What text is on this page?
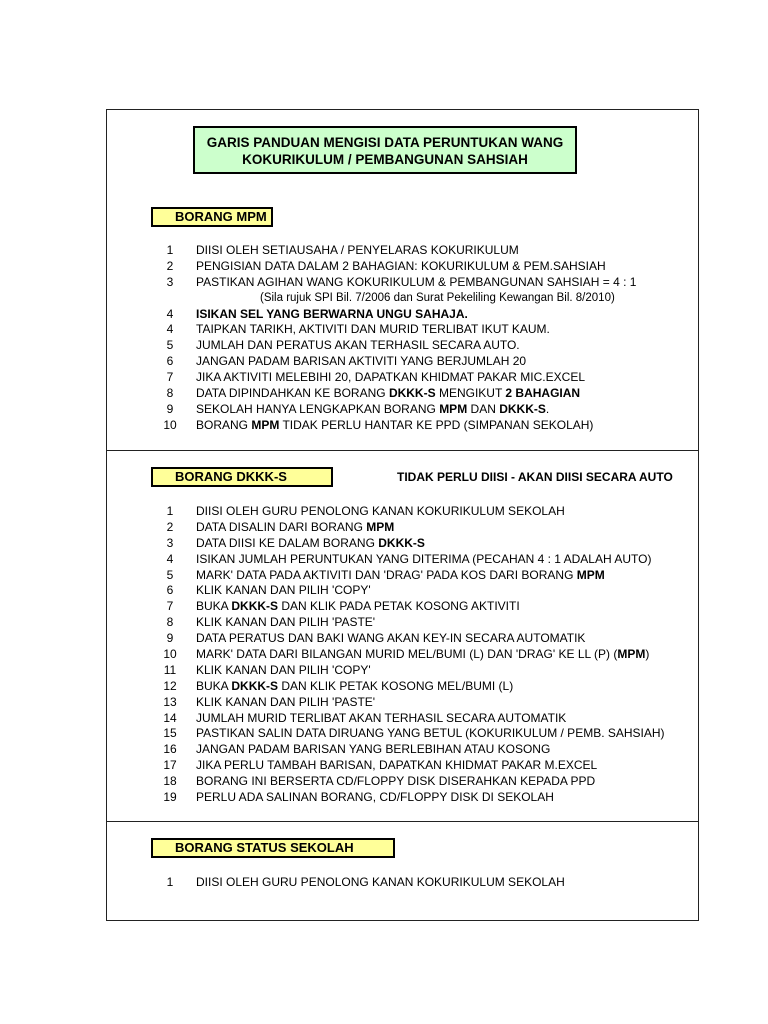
GARIS PANDUAN MENGISI DATA PERUNTUKAN WANG
KOKURIKULUM / PEMBANGUNAN SAHSIAH
BORANG MPM
1	DIISI OLEH SETIAUSAHA / PENYELARAS KOKURIKULUM
2	PENGISIAN DATA DALAM 2 BAHAGIAN: KOKURIKULUM & PEM.SAHSIAH
3	PASTIKAN AGIHAN WANG KOKURIKULUM & PEMBANGUNAN SAHSIAH = 4 : 1
(Sila rujuk SPI Bil. 7/2006 dan Surat Pekeliling Kewangan Bil. 8/2010)
4	ISIKAN SEL YANG BERWARNA UNGU SAHAJA.
4	TAIPKAN TARIKH, AKTIVITI DAN MURID TERLIBAT IKUT KAUM.
5	JUMLAH DAN PERATUS AKAN TERHASIL SECARA AUTO.
6	JANGAN PADAM BARISAN AKTIVITI YANG BERJUMLAH 20
7	JIKA AKTIVITI MELEBIHI 20, DAPATKAN KHIDMAT PAKAR MIC.EXCEL
8	DATA DIPINDAHKAN KE BORANG DKKK-S MENGIKUT 2 BAHAGIAN
9	SEKOLAH HANYA LENGKAPKAN BORANG MPM DAN DKKK-S.
10	BORANG MPM TIDAK PERLU HANTAR KE PPD (SIMPANAN SEKOLAH)
BORANG DKKK-S	TIDAK PERLU DIISI - AKAN DIISI SECARA AUTO
1	DIISI OLEH GURU PENOLONG KANAN KOKURIKULUM SEKOLAH
2	DATA DISALIN DARI BORANG MPM
3	DATA DIISI KE DALAM BORANG DKKK-S
4	ISIKAN JUMLAH PERUNTUKAN YANG DITERIMA (PECAHAN 4 : 1 ADALAH AUTO)
5	MARK' DATA PADA AKTIVITI DAN 'DRAG' PADA KOS DARI BORANG MPM
6	KLIK KANAN DAN PILIH 'COPY'
7	BUKA DKKK-S DAN KLIK PADA PETAK KOSONG AKTIVITI
8	KLIK KANAN DAN PILIH 'PASTE'
9	DATA PERATUS DAN BAKI WANG AKAN KEY-IN SECARA AUTOMATIK
10	MARK' DATA DARI BILANGAN MURID MEL/BUMI (L) DAN 'DRAG' KE LL (P) (MPM)
11	KLIK KANAN DAN PILIH 'COPY'
12	BUKA DKKK-S DAN KLIK PETAK KOSONG MEL/BUMI (L)
13	KLIK KANAN DAN PILIH 'PASTE'
14	JUMLAH MURID TERLIBAT AKAN TERHASIL SECARA AUTOMATIK
15	PASTIKAN SALIN DATA DIRUANG YANG BETUL (KOKURIKULUM / PEMB. SAHSIAH)
16	JANGAN PADAM BARISAN YANG BERLEBIHAN ATAU KOSONG
17	JIKA PERLU TAMBAH BARISAN, DAPATKAN KHIDMAT PAKAR M.EXCEL
18	BORANG INI BERSERTA CD/FLOPPY DISK DISERAHKAN KEPADA PPD
19	PERLU ADA SALINAN BORANG, CD/FLOPPY DISK DI SEKOLAH
BORANG STATUS SEKOLAH
1	DIISI OLEH GURU PENOLONG KANAN KOKURIKULUM SEKOLAH
